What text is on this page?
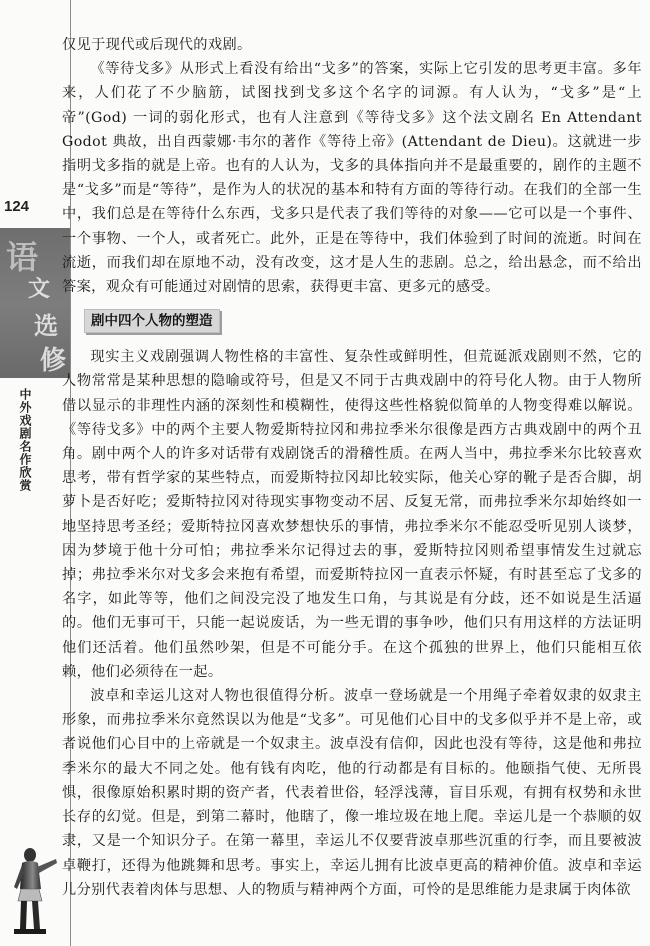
124
语
文
选
修
中外戏剧名作欣赏

仅见于现代或后现代的戏剧。

《等待戈多》从形式上看没有给出“戈多”的答案，实际上它引发的思考更丰富。多年来，人们花了不少脑筋，试图找到戈多这个名字的词源。有人认为，“戈多”是“上帝”(God) 一词的弱化形式，也有人注意到《等待戈多》这个法文剧名 En Attendant Godot 典故，出自西蒙娜·韦尔的著作《等待上帝》(Attendant de Dieu)。这就进一步指明戈多指的就是上帝。也有的人认为，戈多的具体指向并不是最重要的，剧作的主题不是“戈多”而是“等待”，是作为人的状况的基本和特有方面的等待行动。在我们的全部一生中，我们总是在等待什么东西，戈多只是代表了我们等待的对象——它可以是一个事件、一个事物、一个人，或者死亡。此外，正是在等待中，我们体验到了时间的流逝。时间在流逝，而我们却在原地不动，没有改变，这才是人生的悲剧。总之，给出悬念，而不给出答案，观众有可能通过对剧情的思索，获得更丰富、更多元的感受。

剧中四个人物的塑造

现实主义戏剧强调人物性格的丰富性、复杂性或鲜明性，但荒诞派戏剧则不然，它的人物常常是某种思想的隐喻或符号，但是又不同于古典戏剧中的符号化人物。由于人物所借以显示的非理性内涵的深刻性和模糊性，使得这些性格貌似简单的人物变得难以解说。《等待戈多》中的两个主要人物爱斯特拉冈和弗拉季米尔很像是西方古典戏剧中的两个丑角。剧中两个人的许多对话带有戏剧饶舌的滑稽性质。在两人当中，弗拉季米尔比较喜欢思考，带有哲学家的某些特点，而爱斯特拉冈却比较实际，他关心穿的靴子是否合脚，胡萝卜是否好吃；爱斯特拉冈对待现实事物变动不居、反复无常，而弗拉季米尔却始终如一地坚持思考圣经；爱斯特拉冈喜欢梦想快乐的事情，弗拉季米尔不能忍受听见别人谈梦，因为梦境于他十分可怕；弗拉季米尔记得过去的事，爱斯特拉冈则希望事情发生过就忘掉；弗拉季米尔对戈多会来抱有希望，而爱斯特拉冈一直表示怀疑，有时甚至忘了戈多的名字，如此等等，他们之间没完没了地发生口角，与其说是有分歧，还不如说是生活逼的。他们无事可干，只能一起说废话，为一些无谓的事争吵，他们只有用这样的方法证明他们还活着。他们虽然吵架，但是不可能分手。在这个孤独的世界上，他们只能相互依赖，他们必须待在一起。

波卓和幸运儿这对人物也很值得分析。波卓一登场就是一个用绳子牵着奴隶的奴隶主形象，而弗拉季米尔竟然误以为他是“戈多”。可见他们心目中的戈多似乎并不是上帝，或者说他们心目中的上帝就是一个奴隶主。波卓没有信仰，因此也没有等待，这是他和弗拉季米尔的最大不同之处。他有钱有肉吃，他的行动都是有目标的。他颐指气使、无所畏惧，很像原始积累时期的资产者，代表着世俗，轻浮浅薄，盲目乐观，有拥有权势和永世长存的幻觉。但是，到第二幕时，他瞎了，像一堆垃圾在地上爬。幸运儿是一个恭顺的奴隶，又是一个知识分子。在第一幕里，幸运儿不仅要背波卓那些沉重的行李，而且要被波卓鞭打，还得为他跳舞和思考。事实上，幸运儿拥有比波卓更高的精神价值。波卓和幸运儿分别代表着肉体与思想、人的物质与精神两个方面，可怜的是思维能力是隶属于肉体欲
